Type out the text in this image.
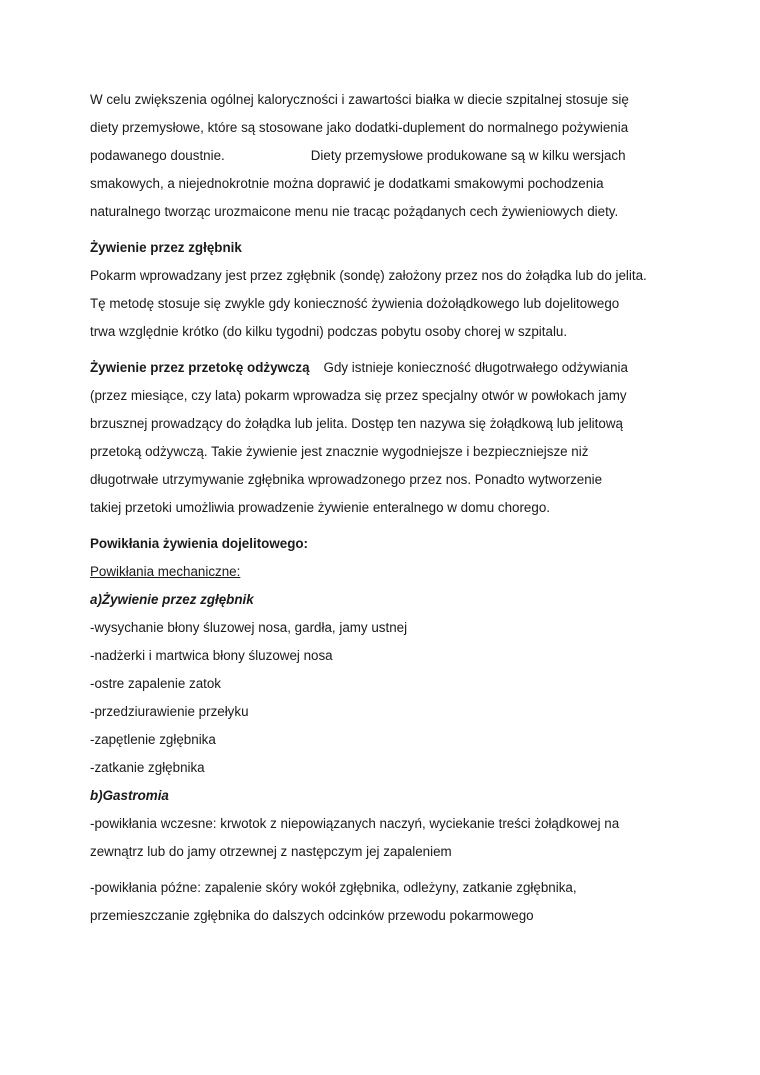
W celu zwiększenia ogólnej kaloryczności i zawartości białka w diecie szpitalnej stosuje się
diety przemysłowe, które są stosowane jako dodatki-duplement do normalnego pożywienia
podawanego doustnie.	Diety przemysłowe produkowane są w kilku wersjach
smakowych, a niejednokrotnie można doprawić je dodatkami smakowymi pochodzenia
naturalnego tworząc urozmaicone menu nie tracąc pożądanych cech żywieniowych diety.
Żywienie przez zgłębnik
Pokarm wprowadzany jest przez zgłębnik (sondę) założony przez nos do żołądka lub do jelita.
Tę metodę stosuje się zwykle gdy konieczność żywienia dożołądkowego lub dojelitowego
trwa względnie krótko (do kilku tygodni) podczas pobytu osoby chorej w szpitalu.
Żywienie przez przetokę odżywczą Gdy istnieje konieczność długotrwałego odżywiania
(przez miesiące, czy lata) pokarm wprowadza się przez specjalny otwór w powłokach jamy
brzusznej prowadzący do żołądka lub jelita. Dostęp ten nazywa się żołądkową lub jelitową
przetoką odżywczą. Takie żywienie jest znacznie wygodniejsze i bezpieczniejsze niż
długotrwałe utrzymywanie zgłębnika wprowadzonego przez nos. Ponadto wytworzenie
takiej przetoki umożliwia prowadzenie żywienie enteralnego w domu chorego.
Powikłania żywienia dojelitowego:
Powikłania mechaniczne:
a)Żywienie przez zgłębnik
-wysychanie błony śluzowej nosa, gardła, jamy ustnej
-nadżerki i martwica błony śluzowej nosa
-ostre zapalenie zatok
-przedziurawienie przełyku
-zapętlenie zgłębnika
-zatkanie zgłębnika
b)Gastromia
-powikłania wczesne: krwotok z niepowiązanych naczyń, wyciekanie treści żołądkowej na
zewnątrz lub do jamy otrzewnej z następczym jej zapaleniem
-powikłania późne: zapalenie skóry wokół zgłębnika, odleżyny, zatkanie zgłębnika,
przemieszczanie zgłębnika do dalszych odcinków przewodu pokarmowego
